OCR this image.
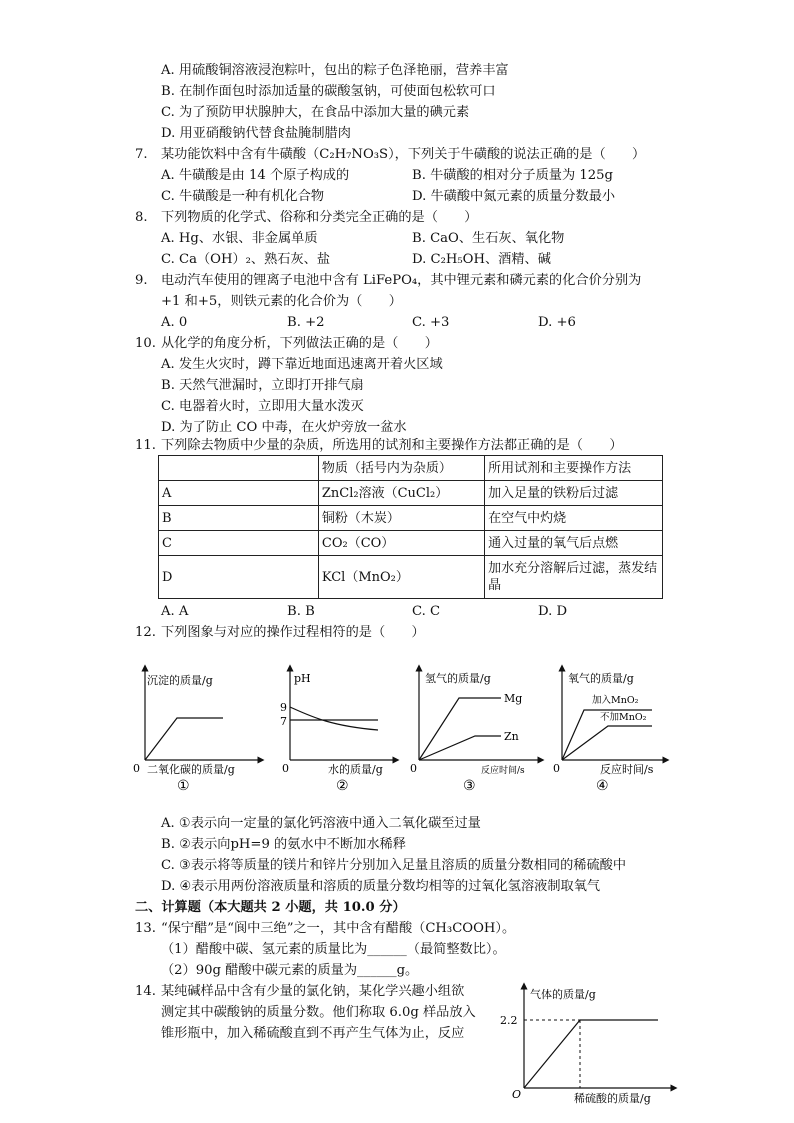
A. 用硫酸铜溶液浸泡粽叶，包出的粽子色泽艳丽，营养丰富
B. 在制作面包时添加适量的碳酸氢钠，可使面包松软可口
C. 为了预防甲状腺肿大，在食品中添加大量的碘元素
D. 用亚硝酸钠代替食盐腌制腊肉
7. 某功能饮料中含有牛磺酸（C₂H₇NO₃S），下列关于牛磺酸的说法正确的是（　　）
A. 牛磺酸是由 14 个原子构成的	B. 牛磺酸的相对分子质量为 125g
C. 牛磺酸是一种有机化合物	D. 牛磺酸中氮元素的质量分数最小
8. 下列物质的化学式、俗称和分类完全正确的是（　　）
A. Hg、水银、非金属单质	B. CaO、生石灰、氧化物
C. Ca（OH）₂、熟石灰、盐	D. C₂H₅OH、酒精、碱
9. 电动汽车使用的锂离子电池中含有 LiFePO₄，其中锂元素和磷元素的化合价分别为
+1 和+5，则铁元素的化合价为（　　）
A. 0	B. +2	C. +3	D. +6
10. 从化学的角度分析，下列做法正确的是（　　）
A. 发生火灾时，蹲下靠近地面迅速离开着火区域
B. 天然气泄漏时，立即打开排气扇
C. 电器着火时，立即用大量水泼灭
D. 为了防止 CO 中毒，在火炉旁放一盆水
11. 下列除去物质中少量的杂质，所选用的试剂和主要操作方法都正确的是（　　）
	物质（括号内为杂质）	所用试剂和主要操作方法
A	ZnCl₂溶液（CuCl₂）	加入足量的铁粉后过滤
B	铜粉（木炭）	在空气中灼烧
C	CO₂（CO）	通入过量的氧气后点燃
D	KCl（MnO₂）	加水充分溶解后过滤，蒸发结晶
A. A	B. B	C. C	D. D
12. 下列图象与对应的操作过程相符的是（　　）
沉淀的质量/g
0 二氧化碳的质量/g
①
pH
9
7
0	水的质量/g
②
氢气的质量/g
Mg
Zn
0	反应时间/s
③
氧气的质量/g
加入MnO₂
不加MnO₂
0	反应时间/s
④
A. ①表示向一定量的氯化钙溶液中通入二氧化碳至过量
B. ②表示向pH=9 的氨水中不断加水稀释
C. ③表示将等质量的镁片和锌片分别加入足量且溶质的质量分数相同的稀硫酸中
D. ④表示用两份溶液质量和溶质的质量分数均相等的过氧化氢溶液制取氧气
二、计算题（本大题共 2 小题，共 10.0 分）
13. “保宁醋”是“阆中三绝”之一，其中含有醋酸（CH₃COOH）。
（1）醋酸中碳、氢元素的质量比为______（最简整数比）。
（2）90g 醋酸中碳元素的质量为______g。
14. 某纯碱样品中含有少量的氯化钠，某化学兴趣小组欲
测定其中碳酸钠的质量分数。他们称取 6.0g 样品放入
锥形瓶中，加入稀硫酸直到不再产生气体为止，反应
气体的质量/g
2.2
O	稀硫酸的质量/g
